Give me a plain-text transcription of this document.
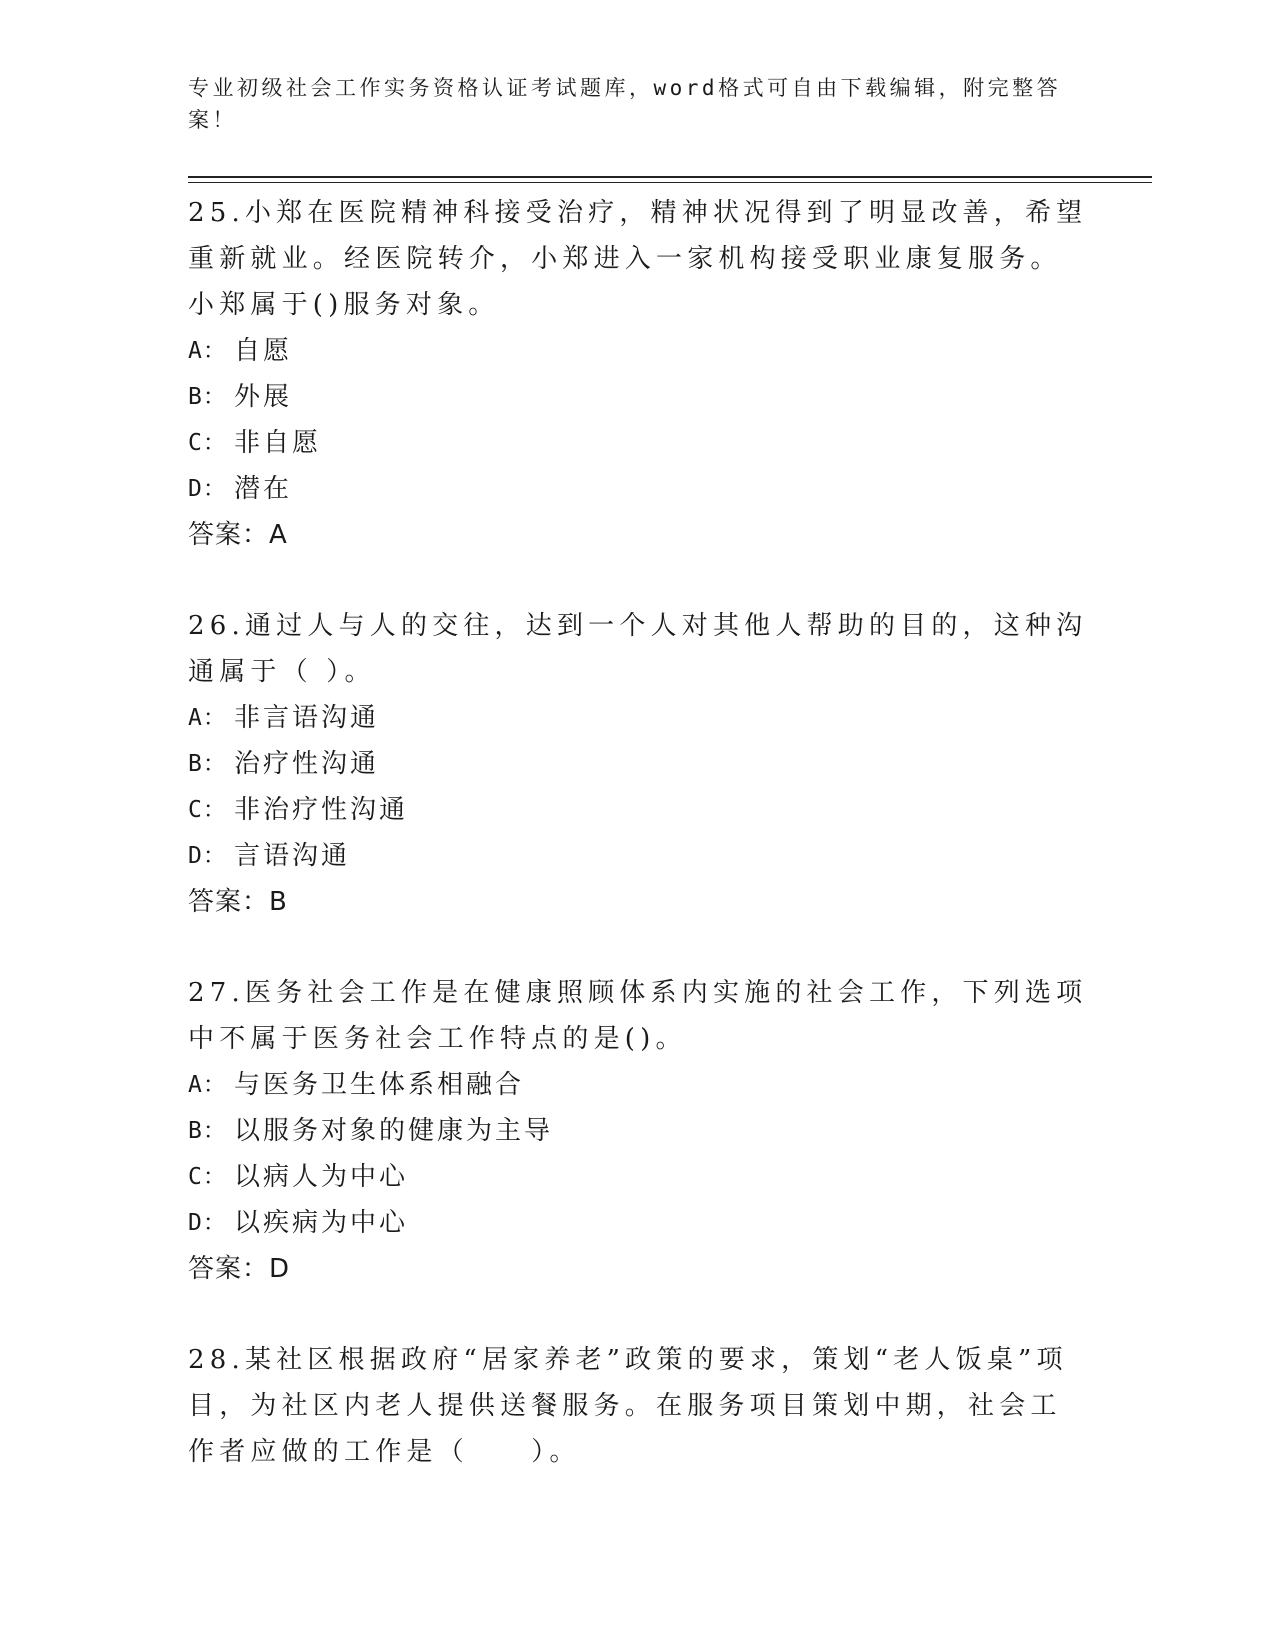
专业初级社会工作实务资格认证考试题库，word格式可自由下载编辑，附完整答案！

25.小郑在医院精神科接受治疗，精神状况得到了明显改善，希望重新就业。经医院转介，小郑进入一家机构接受职业康复服务。小郑属于()服务对象。

A： 自愿
B： 外展
C： 非自愿
D： 潜在
答案：A

26.通过人与人的交往，达到一个人对其他人帮助的目的，这种沟通属于（ ）。

A： 非言语沟通
B： 治疗性沟通
C： 非治疗性沟通
D： 言语沟通
答案：B

27.医务社会工作是在健康照顾体系内实施的社会工作，下列选项中不属于医务社会工作特点的是()。

A： 与医务卫生体系相融合
B： 以服务对象的健康为主导
C： 以病人为中心
D： 以疾病为中心
答案：D

28.某社区根据政府“居家养老”政策的要求，策划“老人饭桌”项目，为社区内老人提供送餐服务。在服务项目策划中期，社会工作者应做的工作是（　　）。
